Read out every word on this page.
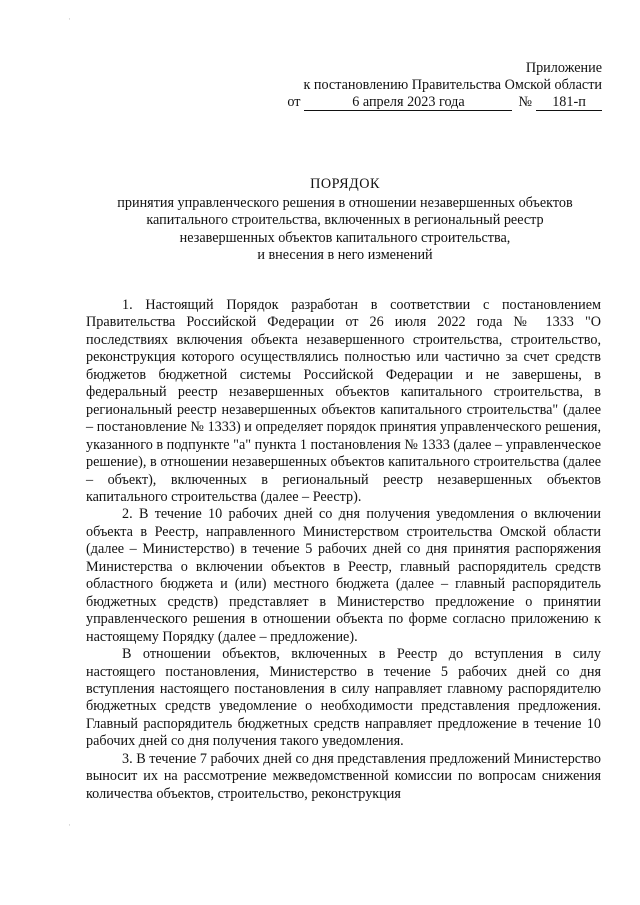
·
·
Приложение
к постановлению Правительства Омской области
от	6 апреля 2023 года	№	181-п
ПОРЯДОК
принятия управленческого решения в отношении незавершенных объектов
капитального строительства, включенных в региональный реестр
незавершенных объектов капитального строительства,
и внесения в него изменений

1. Настоящий Порядок разработан в соответствии с постановлением Правительства Российской Федерации от 26 июля 2022 года № 1333 "О последствиях включения объекта незавершенного строительства, строительство, реконструкция которого осуществлялись полностью или частично за счет средств бюджетов бюджетной системы Российской Федерации и не завершены, в федеральный реестр незавершенных объектов капитального строительства, в региональный реестр незавершенных объектов капитального строительства" (далее – постановление № 1333) и определяет порядок принятия управленческого решения, указанного в подпункте "а" пункта 1 постановления № 1333 (далее – управленческое решение), в отношении незавершенных объектов капитального строительства (далее – объект), включенных в региональный реестр незавершенных объектов капитального строительства (далее – Реестр).

2. В течение 10 рабочих дней со дня получения уведомления о включении объекта в Реестр, направленного Министерством строительства Омской области (далее – Министерство) в течение 5 рабочих дней со дня принятия распоряжения Министерства о включении объектов в Реестр, главный распорядитель средств областного бюджета и (или) местного бюджета (далее – главный распорядитель бюджетных средств) представляет в Министерство предложение о принятии управленческого решения в отношении объекта по форме согласно приложению к настоящему Порядку (далее – предложение).

В отношении объектов, включенных в Реестр до вступления в силу настоящего постановления, Министерство в течение 5 рабочих дней со дня вступления настоящего постановления в силу направляет главному распорядителю бюджетных средств уведомление о необходимости представления предложения. Главный распорядитель бюджетных средств направляет предложение в течение 10 рабочих дней со дня получения такого уведомления.

3. В течение 7 рабочих дней со дня представления предложений Министерство выносит их на рассмотрение межведомственной комиссии по вопросам снижения количества объектов, строительство, реконструкция
